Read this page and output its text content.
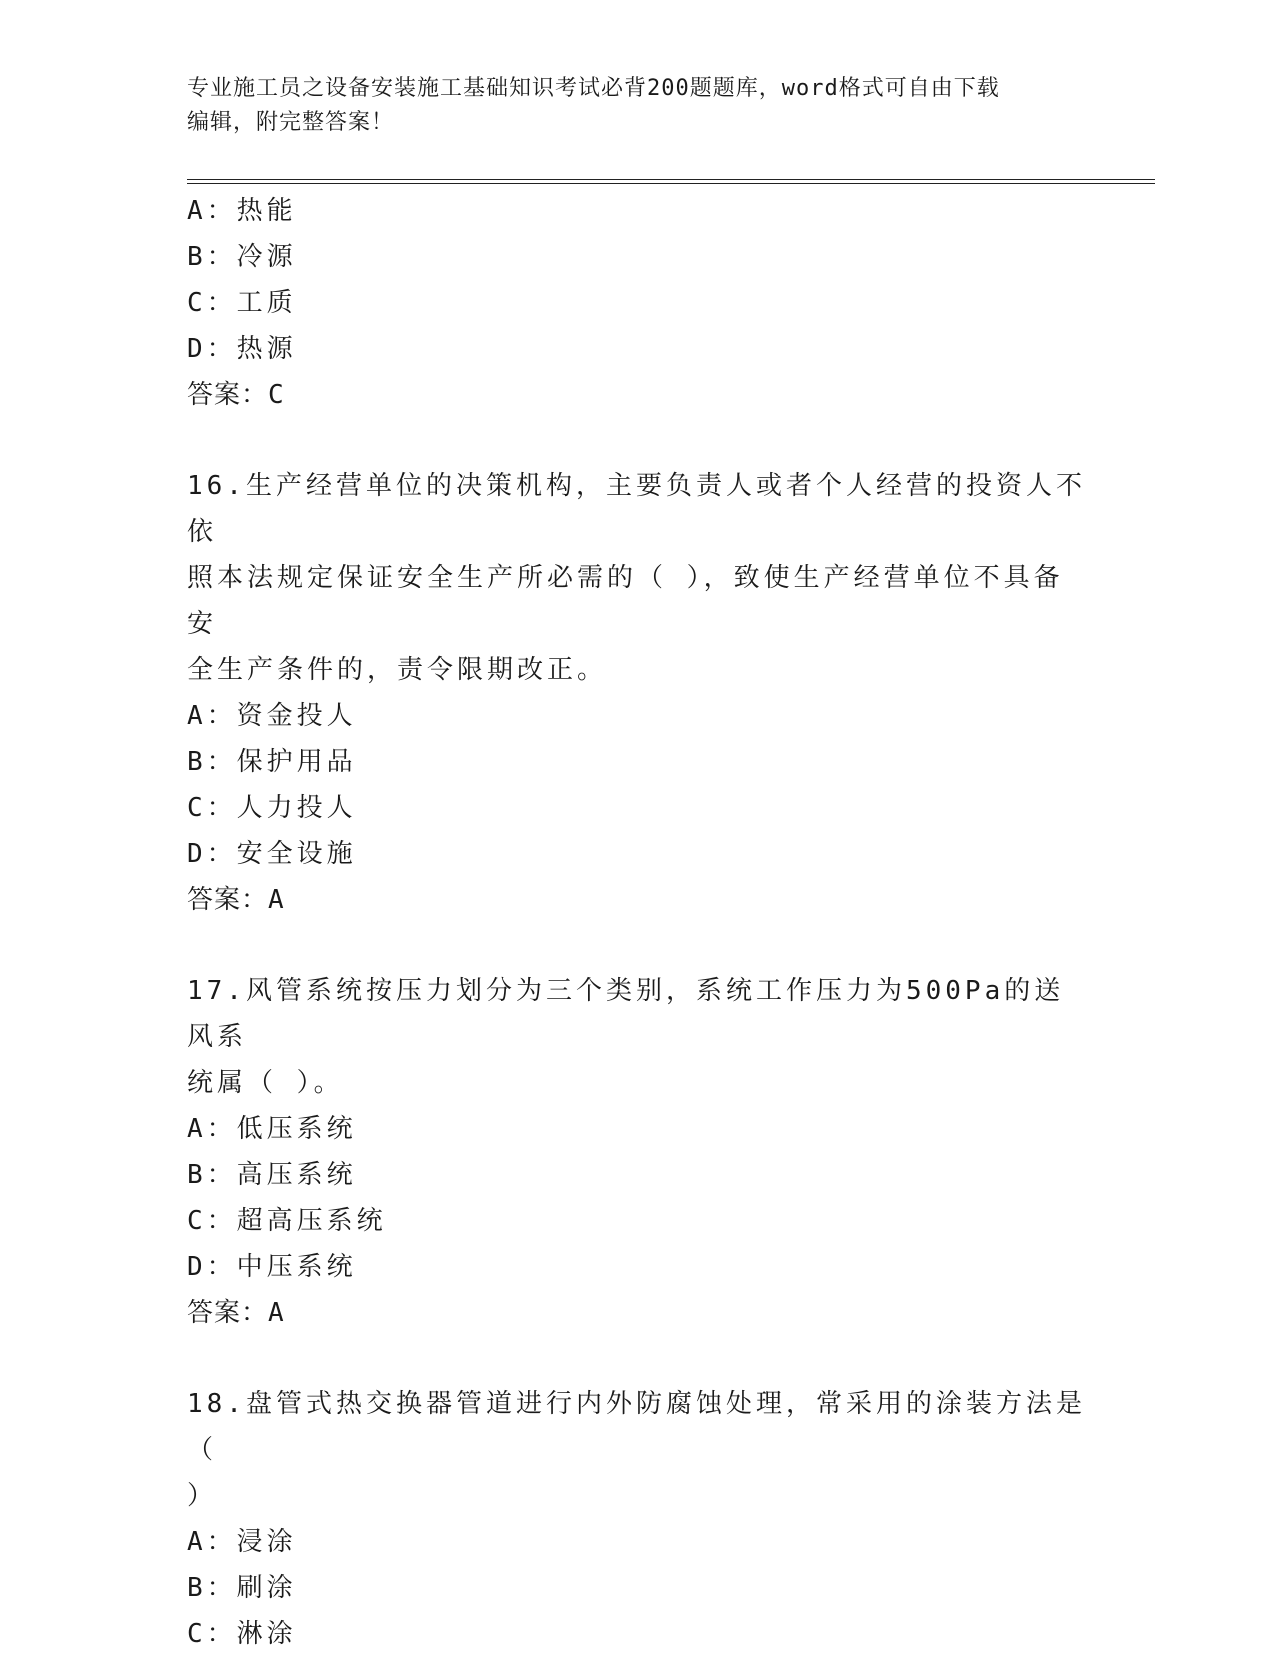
专业施工员之设备安装施工基础知识考试必背200题题库，word格式可自由下载
编辑，附完整答案！
A：热能
B：冷源
C：工质
D：热源
答案：C
16.生产经营单位的决策机构，主要负责人或者个人经营的投资人不依
照本法规定保证安全生产所必需的（ ），致使生产经营单位不具备安
全生产条件的，责令限期改正。
A：资金投人
B：保护用品
C：人力投人
D：安全设施
答案：A
17.风管系统按压力划分为三个类别，系统工作压力为500Pa的送风系
统属（ ）。
A：低压系统
B：高压系统
C：超高压系统
D：中压系统
答案：A
18.盘管式热交换器管道进行内外防腐蚀处理，常采用的涂装方法是（
）
A：浸涂
B：刷涂
C：淋涂
